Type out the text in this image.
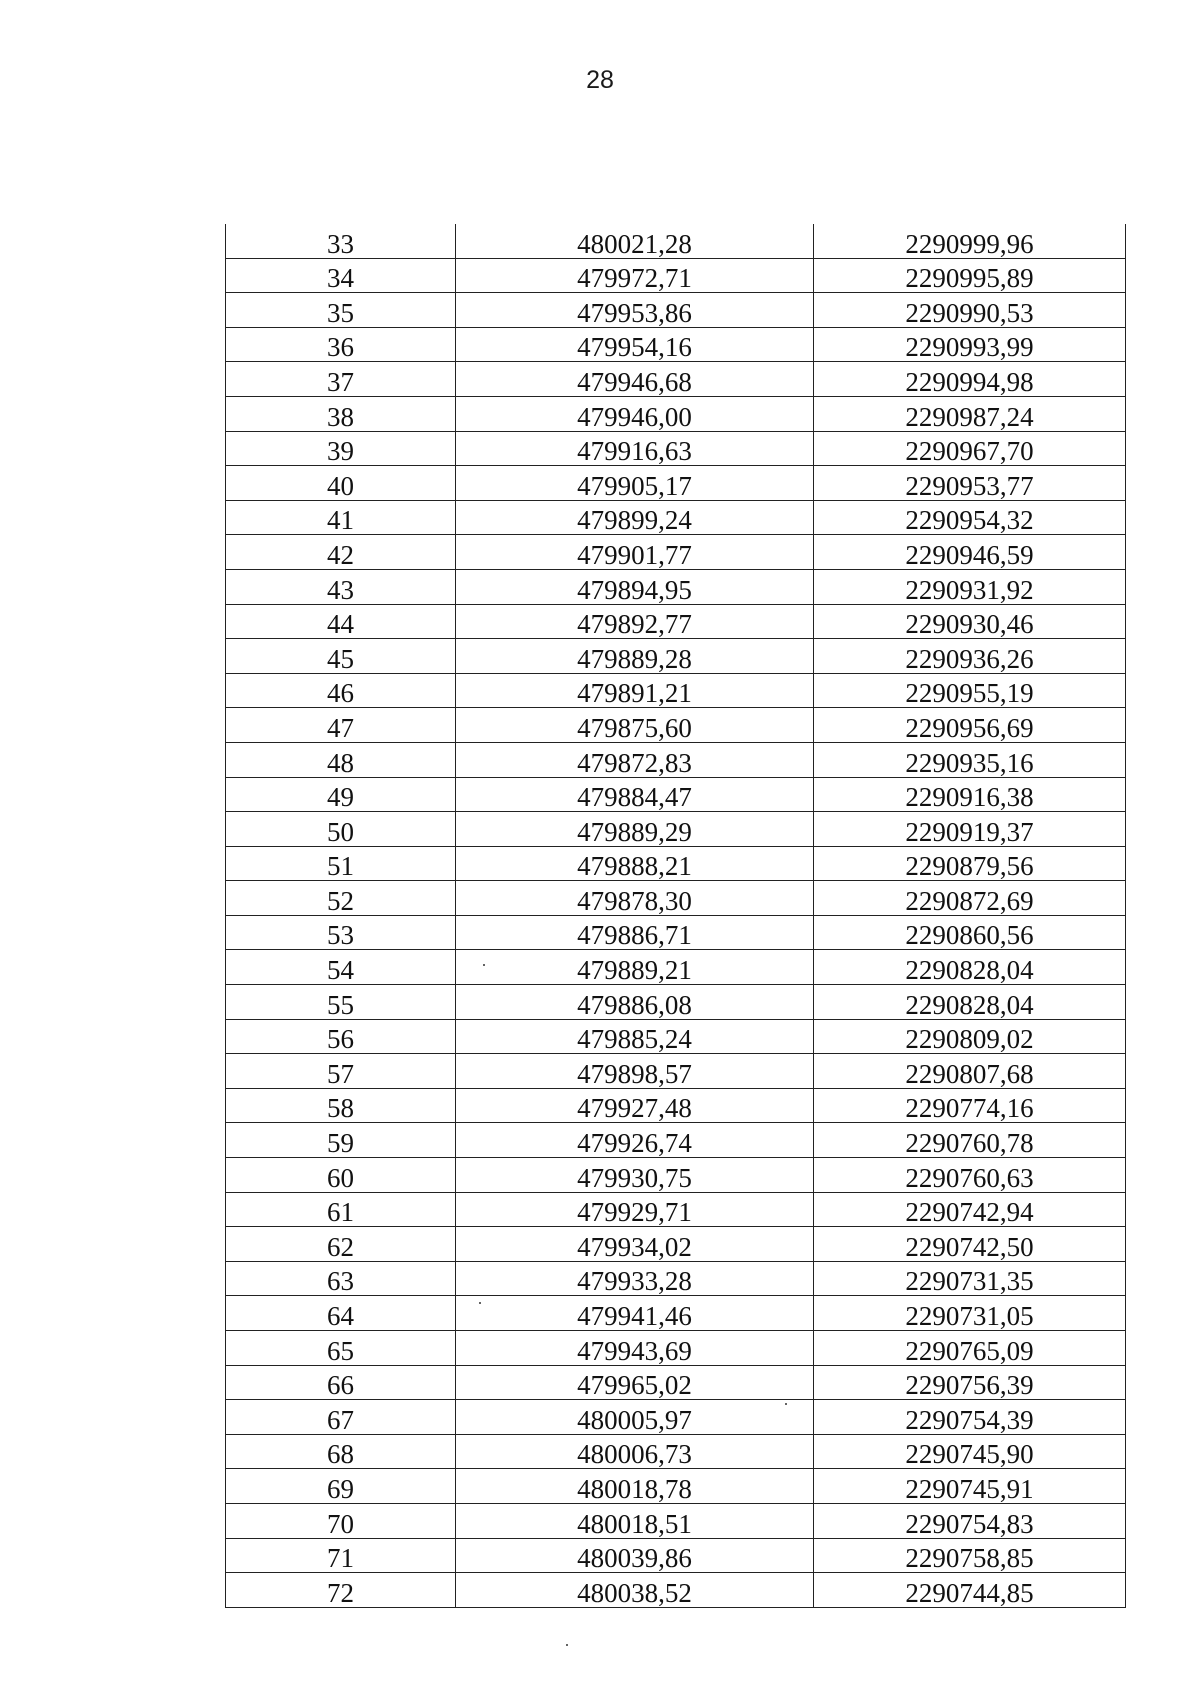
28
33	480021,28	2290999,96
34	479972,71	2290995,89
35	479953,86	2290990,53
36	479954,16	2290993,99
37	479946,68	2290994,98
38	479946,00	2290987,24
39	479916,63	2290967,70
40	479905,17	2290953,77
41	479899,24	2290954,32
42	479901,77	2290946,59
43	479894,95	2290931,92
44	479892,77	2290930,46
45	479889,28	2290936,26
46	479891,21	2290955,19
47	479875,60	2290956,69
48	479872,83	2290935,16
49	479884,47	2290916,38
50	479889,29	2290919,37
51	479888,21	2290879,56
52	479878,30	2290872,69
53	479886,71	2290860,56
54	479889,21	2290828,04
55	479886,08	2290828,04
56	479885,24	2290809,02
57	479898,57	2290807,68
58	479927,48	2290774,16
59	479926,74	2290760,78
60	479930,75	2290760,63
61	479929,71	2290742,94
62	479934,02	2290742,50
63	479933,28	2290731,35
64	479941,46	2290731,05
65	479943,69	2290765,09
66	479965,02	2290756,39
67	480005,97	2290754,39
68	480006,73	2290745,90
69	480018,78	2290745,91
70	480018,51	2290754,83
71	480039,86	2290758,85
72	480038,52	2290744,85
